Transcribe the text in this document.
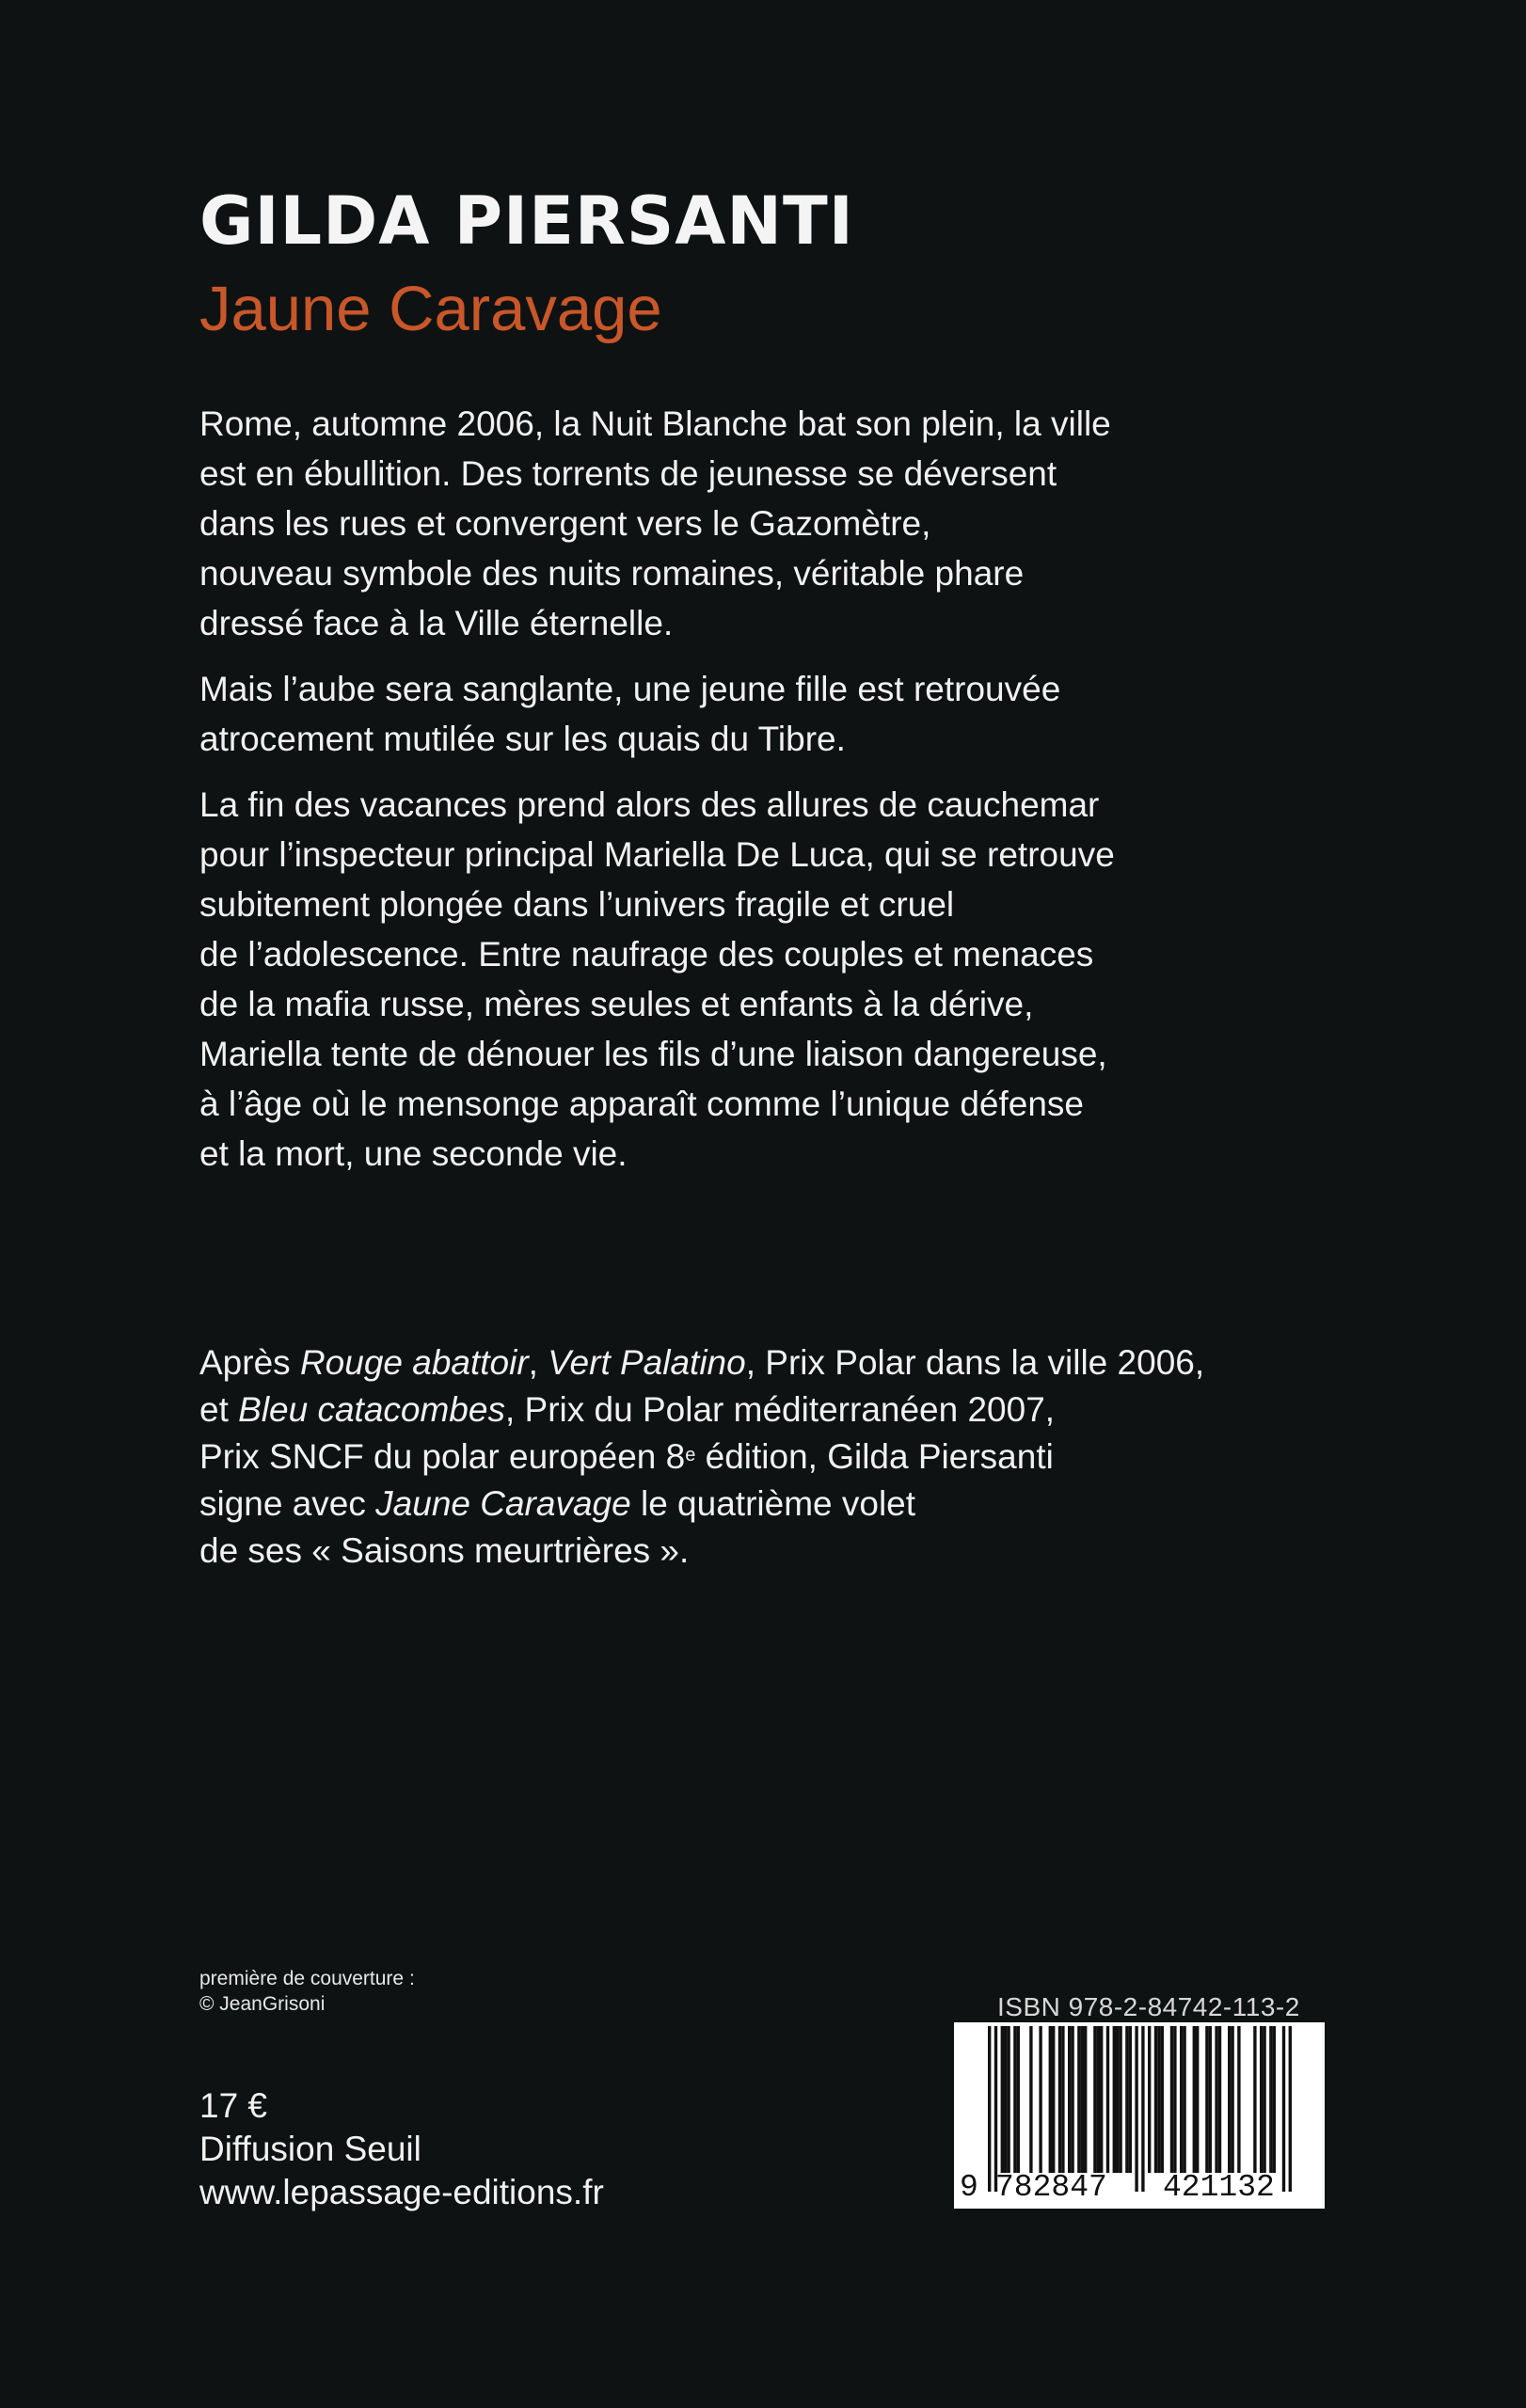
GILDA PIERSANTI
Jaune Caravage

Rome, automne 2006, la Nuit Blanche bat son plein, la ville
est en ébullition. Des torrents de jeunesse se déversent
dans les rues et convergent vers le Gazomètre,
nouveau symbole des nuits romaines, véritable phare
dressé face à la Ville éternelle.

Mais l’aube sera sanglante, une jeune fille est retrouvée
atrocement mutilée sur les quais du Tibre.

La fin des vacances prend alors des allures de cauchemar
pour l’inspecteur principal Mariella De Luca, qui se retrouve
subitement plongée dans l’univers fragile et cruel
de l’adolescence. Entre naufrage des couples et menaces
de la mafia russe, mères seules et enfants à la dérive,
Mariella tente de dénouer les fils d’une liaison dangereuse,
à l’âge où le mensonge apparaît comme l’unique défense
et la mort, une seconde vie.

Après Rouge abattoir, Vert Palatino, Prix Polar dans la ville 2006,
et Bleu catacombes, Prix du Polar méditerranéen 2007,
Prix SNCF du polar européen 8e édition, Gilda Piersanti
signe avec Jaune Caravage le quatrième volet
de ses « Saisons meurtrières ».
première de couverture :
© JeanGrisoni
17 €
Diffusion Seuil
www.lepassage-editions.fr
ISBN 978-2-84742-113-2
9 782847 421132
